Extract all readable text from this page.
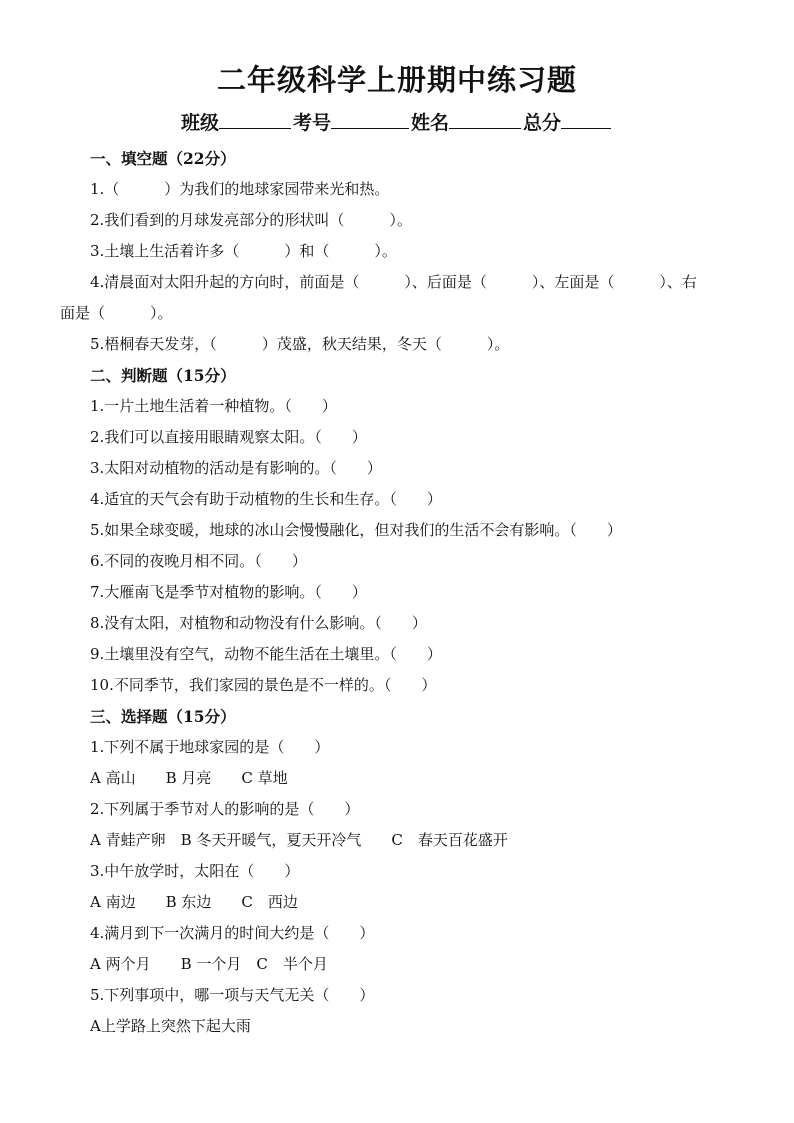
二年级科学上册期中练习题
班级	考号	姓名	总分
一、填空题（22分）
1.（　　　）为我们的地球家园带来光和热。
2.我们看到的月球发亮部分的形状叫（　　　）。
3.土壤上生活着许多（　　　）和（　　　）。
4.清晨面对太阳升起的方向时，前面是（　　　）、后面是（　　　）、左面是（　　　）、右
面是（　　　）。
5.梧桐春天发芽，（　　　）茂盛，秋天结果，冬天（　　　）。
二、判断题（15分）
1.一片土地生活着一种植物。（　　）
2.我们可以直接用眼睛观察太阳。（　　）
3.太阳对动植物的活动是有影响的。（　　）
4.适宜的天气会有助于动植物的生长和生存。（　　）
5.如果全球变暖，地球的冰山会慢慢融化，但对我们的生活不会有影响。（　　）
6.不同的夜晚月相不同。（　　）
7.大雁南飞是季节对植物的影响。（　　）
8.没有太阳，对植物和动物没有什么影响。（　　）
9.土壤里没有空气，动物不能生活在土壤里。（　　）
10.不同季节，我们家园的景色是不一样的。（　　）
三、选择题（15分）
1.下列不属于地球家园的是（　　）
A 高山　　B 月亮　　C 草地
2.下列属于季节对人的影响的是（　　）
A 青蛙产卵　B 冬天开暖气，夏天开冷气　　C　春天百花盛开
3.中午放学时，太阳在（　　）
A 南边　　B 东边　　C　西边
4.满月到下一次满月的时间大约是（　　）
A 两个月　　B 一个月　C　半个月
5.下列事项中，哪一项与天气无关（　　）
A上学路上突然下起大雨
